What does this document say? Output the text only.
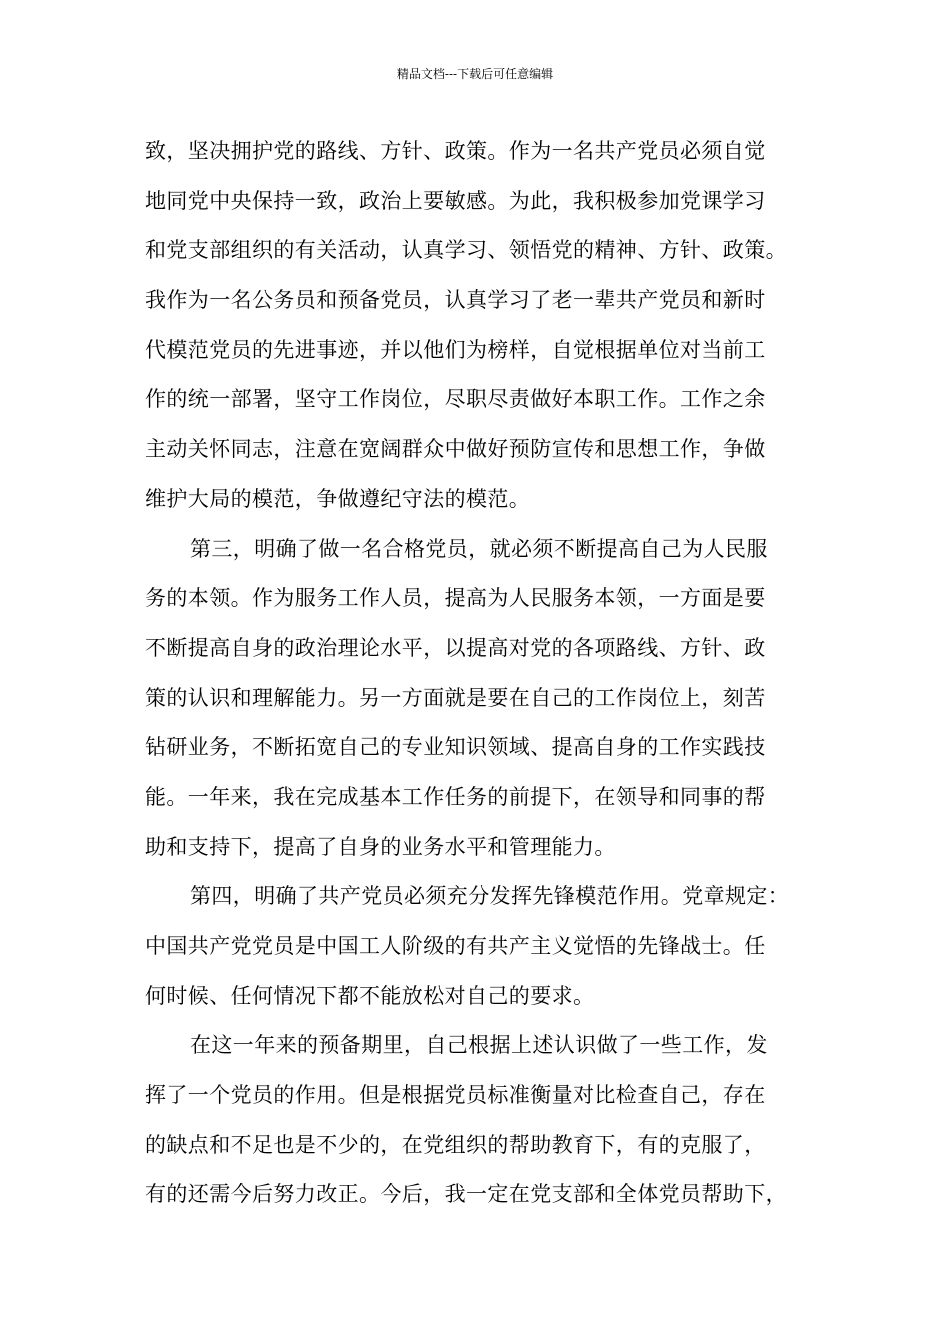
精品文档---下载后可任意编辑
致，坚决拥护党的路线、方针、政策。作为一名共产党员必须自觉
地同党中央保持一致，政治上要敏感。为此，我积极参加党课学习
和党支部组织的有关活动，认真学习、领悟党的精神、方针、政策。
我作为一名公务员和预备党员，认真学习了老一辈共产党员和新时
代模范党员的先进事迹，并以他们为榜样，自觉根据单位对当前工
作的统一部署，坚守工作岗位，尽职尽责做好本职工作。工作之余
主动关怀同志，注意在宽阔群众中做好预防宣传和思想工作，争做
维护大局的模范，争做遵纪守法的模范。
第三，明确了做一名合格党员，就必须不断提高自己为人民服
务的本领。作为服务工作人员，提高为人民服务本领，一方面是要
不断提高自身的政治理论水平，以提高对党的各项路线、方针、政
策的认识和理解能力。另一方面就是要在自己的工作岗位上，刻苦
钻研业务，不断拓宽自己的专业知识领域、提高自身的工作实践技
能。一年来，我在完成基本工作任务的前提下，在领导和同事的帮
助和支持下，提高了自身的业务水平和管理能力。
第四，明确了共产党员必须充分发挥先锋模范作用。党章规定：
中国共产党党员是中国工人阶级的有共产主义觉悟的先锋战士。任
何时候、任何情况下都不能放松对自己的要求。
在这一年来的预备期里，自己根据上述认识做了一些工作，发
挥了一个党员的作用。但是根据党员标准衡量对比检查自己，存在
的缺点和不足也是不少的，在党组织的帮助教育下，有的克服了，
有的还需今后努力改正。今后，我一定在党支部和全体党员帮助下，
